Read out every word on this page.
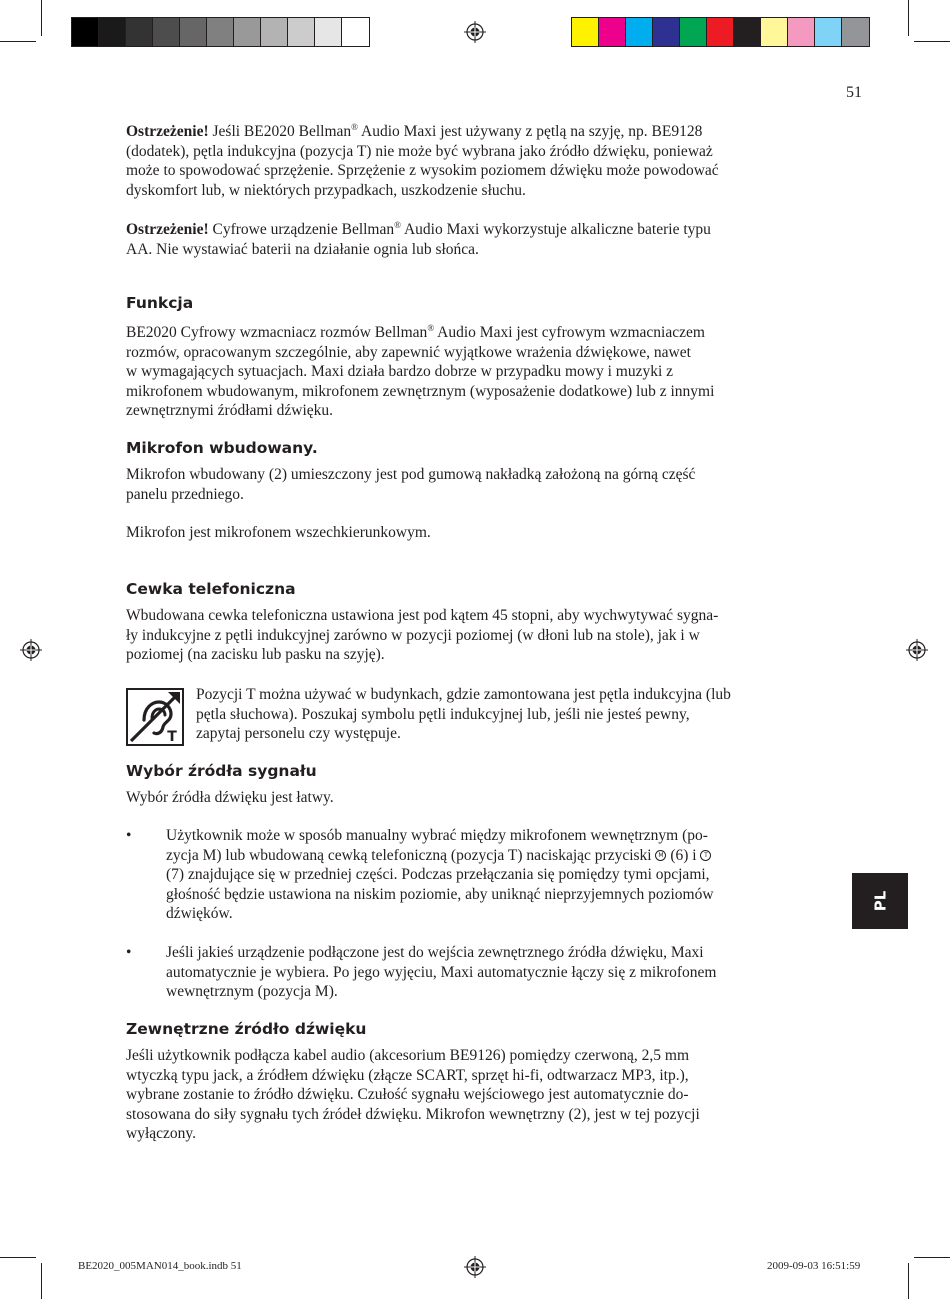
51
Ostrzeżenie! Jeśli BE2020 Bellman® Audio Maxi jest używany z pętlą na szyję, np. BE9128
(dodatek), pętla indukcyjna (pozycja T) nie może być wybrana jako źródło dźwięku, ponieważ
może to spowodować sprzężenie. Sprzężenie z wysokim poziomem dźwięku może powodować
dyskomfort lub, w niektórych przypadkach, uszkodzenie słuchu.
Ostrzeżenie! Cyfrowe urządzenie Bellman® Audio Maxi wykorzystuje alkaliczne baterie typu
AA. Nie wystawiać baterii na działanie ognia lub słońca.
Funkcja
BE2020 Cyfrowy wzmacniacz rozmów Bellman® Audio Maxi jest cyfrowym wzmacniaczem
rozmów, opracowanym szczególnie, aby zapewnić wyjątkowe wrażenia dźwiękowe, nawet
w wymagających sytuacjach. Maxi działa bardzo dobrze w przypadku mowy i muzyki z
mikrofonem wbudowanym, mikrofonem zewnętrznym (wyposażenie dodatkowe) lub z innymi
zewnętrznymi źródłami dźwięku.
Mikrofon wbudowany.
Mikrofon wbudowany (2) umieszczony jest pod gumową nakładką założoną na górną część
panelu przedniego.
Mikrofon jest mikrofonem wszechkierunkowym.
Cewka telefoniczna
Wbudowana cewka telefoniczna ustawiona jest pod kątem 45 stopni, aby wychwytywać sygna-
ły indukcyjne z pętli indukcyjnej zarówno w pozycji poziomej (w dłoni lub na stole), jak i w
poziomej (na zacisku lub pasku na szyję).
T
Pozycji T można używać w budynkach, gdzie zamontowana jest pętla indukcyjna (lub
pętla słuchowa). Poszukaj symbolu pętli indukcyjnej lub, jeśli nie jesteś pewny,
zapytaj personelu czy występuje.
Wybór źródła sygnału
Wybór źródła dźwięku jest łatwy.
• Użytkownik może w sposób manualny wybrać między mikrofonem wewnętrznym (po-
zycja M) lub wbudowaną cewką telefoniczną (pozycja T) naciskając przyciski M (6) i T
(7) znajdujące się w przedniej części. Podczas przełączania się pomiędzy tymi opcjami,
głośność będzie ustawiona na niskim poziomie, aby uniknąć nieprzyjemnych poziomów
dźwięków.
• Jeśli jakieś urządzenie podłączone jest do wejścia zewnętrznego źródła dźwięku, Maxi
automatycznie je wybiera. Po jego wyjęciu, Maxi automatycznie łączy się z mikrofonem
wewnętrznym (pozycja M).
Zewnętrzne źródło dźwięku
Jeśli użytkownik podłącza kabel audio (akcesorium BE9126) pomiędzy czerwoną, 2,5 mm
wtyczką typu jack, a źródłem dźwięku (złącze SCART, sprzęt hi-fi, odtwarzacz MP3, itp.),
wybrane zostanie to źródło dźwięku. Czułość sygnału wejściowego jest automatycznie do-
stosowana do siły sygnału tych źródeł dźwięku. Mikrofon wewnętrzny (2), jest w tej pozycji
wyłączony.
PL
BE2020_005MAN014_book.indb 51	2009-09-03 16:51:59
